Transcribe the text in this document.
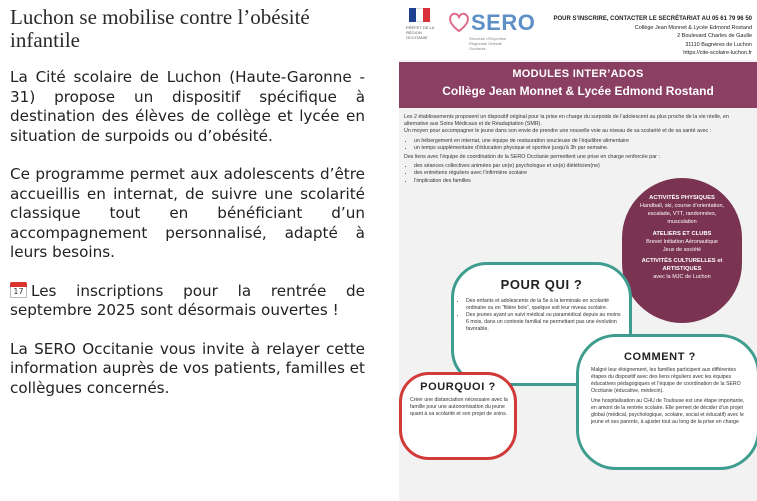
Luchon se mobilise contre l’obésité infantile

La Cité scolaire de Luchon (Haute-Garonne - 31) propose un dispositif spécifique à destination des élèves de collège et lycée en situation de surpoids ou d’obésité.

Ce programme permet aux adolescents d’être accueillis en internat, de suivre une scolarité classique tout en bénéficiant d’un accompagnement personnalisé, adapté à leurs besoins.

17 Les inscriptions pour la rentrée de septembre 2025 sont désormais ouvertes !

La SERO Occitanie vous invite à relayer cette information auprès de vos patients, familles et collègues concernés.

PRÉFET DE LA RÉGION OCCITANIE
SERO
Structure d’Expertise Régionale Obésité Occitanie
POUR S’INSCRIRE, CONTACTER LE SECRÉTARIAT AU 05 61 79 96 50
Collège Jean Monnet & Lycée Edmond Rostand
2 Boulevard Charles de Gaulle
31110 Bagnères de Luchon
https://cite-scolaire-luchon.fr
MODULES INTER’ADOS
Collège Jean Monnet & Lycée Edmond Rostand
Les 2 établissements proposent un dispositif original pour la prise en charge du surpoids de l’adolescent au plus proche de la vie réelle, en alternative aux Soins Médicaux et de Réadaptation (SMR).
Un moyen pour accompagner le jeune dans son envie de prendre une nouvelle voie au niveau de sa scolarité et de sa santé avec :
• un hébergement en internat, une équipe de restauration soucieuse de l’équilibre alimentaire
• un temps supplémentaire d’éducation physique et sportive jusqu’à 3h par semaine.
Des liens avec l’équipe de coordination de la SERO Occitanie permettent une prise en charge renforcée par :
• des séances collectives animées par un(e) psychologue et un(e) diététicien(ne)
• des entretiens réguliers avec l’infirmière scolaire
• l’implication des familles
ACTIVITÉS PHYSIQUES
Handball, ski, course d’orientation, escalade, VTT, randonnées, musculation
ATELIERS ET CLUBS
Brevet Initiation Aéronautique
Jeux de société
ACTIVITÉS CULTURELLES et ARTISTIQUES
avec la MJC de Luchon
POUR QUI ?
• Des enfants et adolescents de la 5e à la terminale en scolarité ordinaire ou en “filière bois”, quelque soit leur niveau scolaire.
• Des jeunes ayant un suivi médical ou paramédical depuis au moins 6 mois, dans un contexte familial ne permettant pas une évolution favorable.
COMMENT ?
Malgré leur éloignement, les familles participent aux différentes étapes du dispositif avec des liens réguliers avec les équipes éducatives pédagogiques et l’équipe de coordination de la SERO Occitanie (éducative, médecin).
Une hospitalisation au CHU de Toulouse est une étape importante, en amont de la rentrée scolaire. Elle permet de décider d’un projet global (médical, psychologique, scolaire, social et éducatif) avec le jeune et ses parents, à ajuster tout au long de la prise en charge
POURQUOI ?
Créer une distanciation nécessaire avec la famille pour une autonomisation du jeune quant à sa scolarité et son projet de soins.
